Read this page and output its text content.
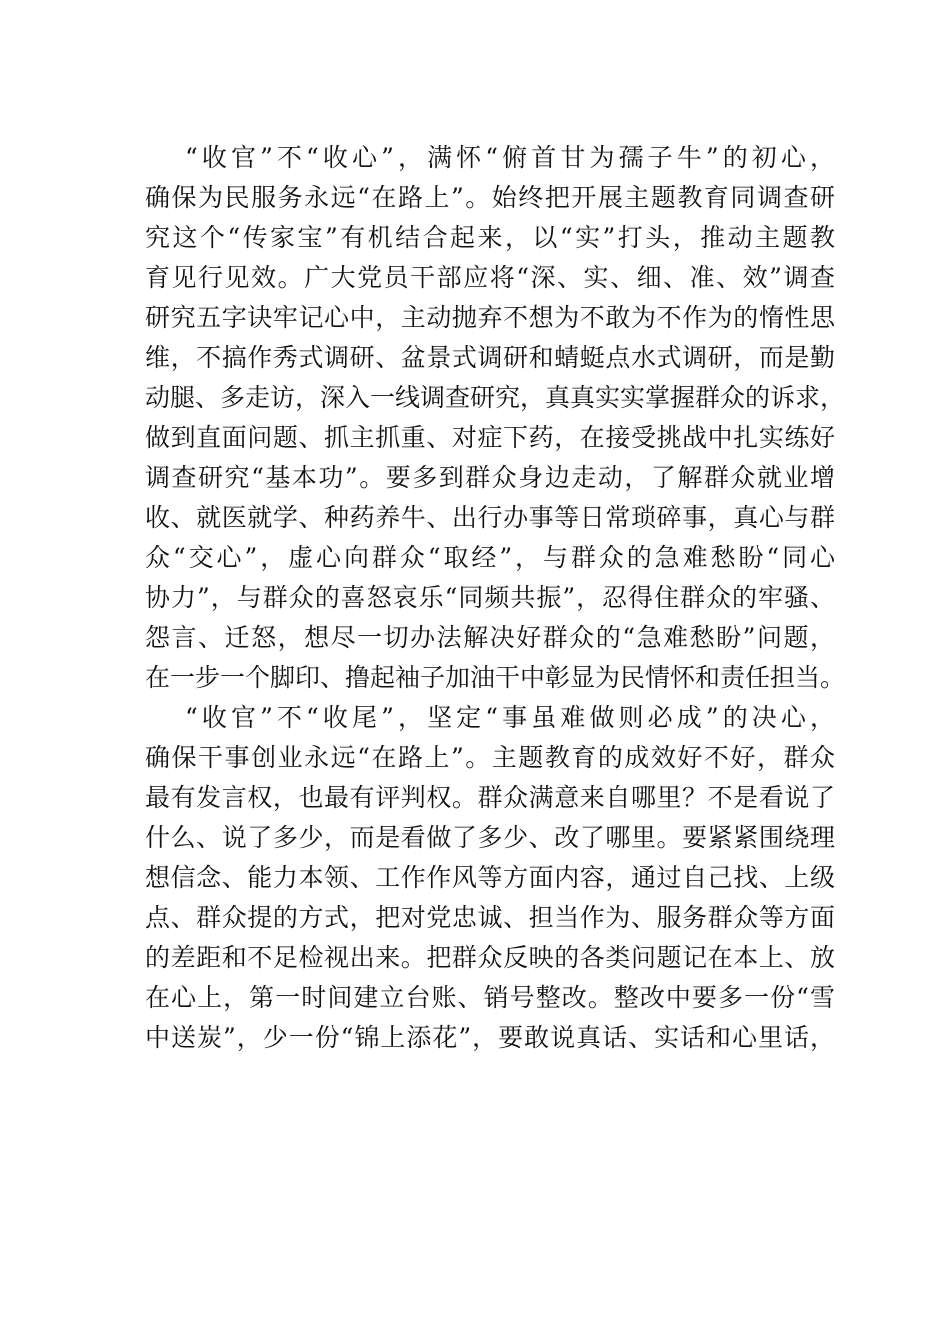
“收官”不“收心”，满怀“俯首甘为孺子牛”的初心，
确保为民服务永远“在路上”。始终把开展主题教育同调查研
究这个“传家宝”有机结合起来，以“实”打头，推动主题教
育见行见效。广大党员干部应将“深、实、细、准、效”调查
研究五字诀牢记心中，主动抛弃不想为不敢为不作为的惰性思
维，不搞作秀式调研、盆景式调研和蜻蜓点水式调研，而是勤
动腿、多走访，深入一线调查研究，真真实实掌握群众的诉求，
做到直面问题、抓主抓重、对症下药，在接受挑战中扎实练好
调查研究“基本功”。要多到群众身边走动，了解群众就业增
收、就医就学、种药养牛、出行办事等日常琐碎事，真心与群
众“交心”，虚心向群众“取经”，与群众的急难愁盼“同心
协力”，与群众的喜怒哀乐“同频共振”，忍得住群众的牢骚、
怨言、迁怒，想尽一切办法解决好群众的“急难愁盼”问题，
在一步一个脚印、撸起袖子加油干中彰显为民情怀和责任担当。
“收官”不“收尾”，坚定“事虽难做则必成”的决心，
确保干事创业永远“在路上”。主题教育的成效好不好，群众
最有发言权，也最有评判权。群众满意来自哪里？不是看说了
什么、说了多少，而是看做了多少、改了哪里。要紧紧围绕理
想信念、能力本领、工作作风等方面内容，通过自己找、上级
点、群众提的方式，把对党忠诚、担当作为、服务群众等方面
的差距和不足检视出来。把群众反映的各类问题记在本上、放
在心上，第一时间建立台账、销号整改。整改中要多一份“雪
中送炭”，少一份“锦上添花”，要敢说真话、实话和心里话，
